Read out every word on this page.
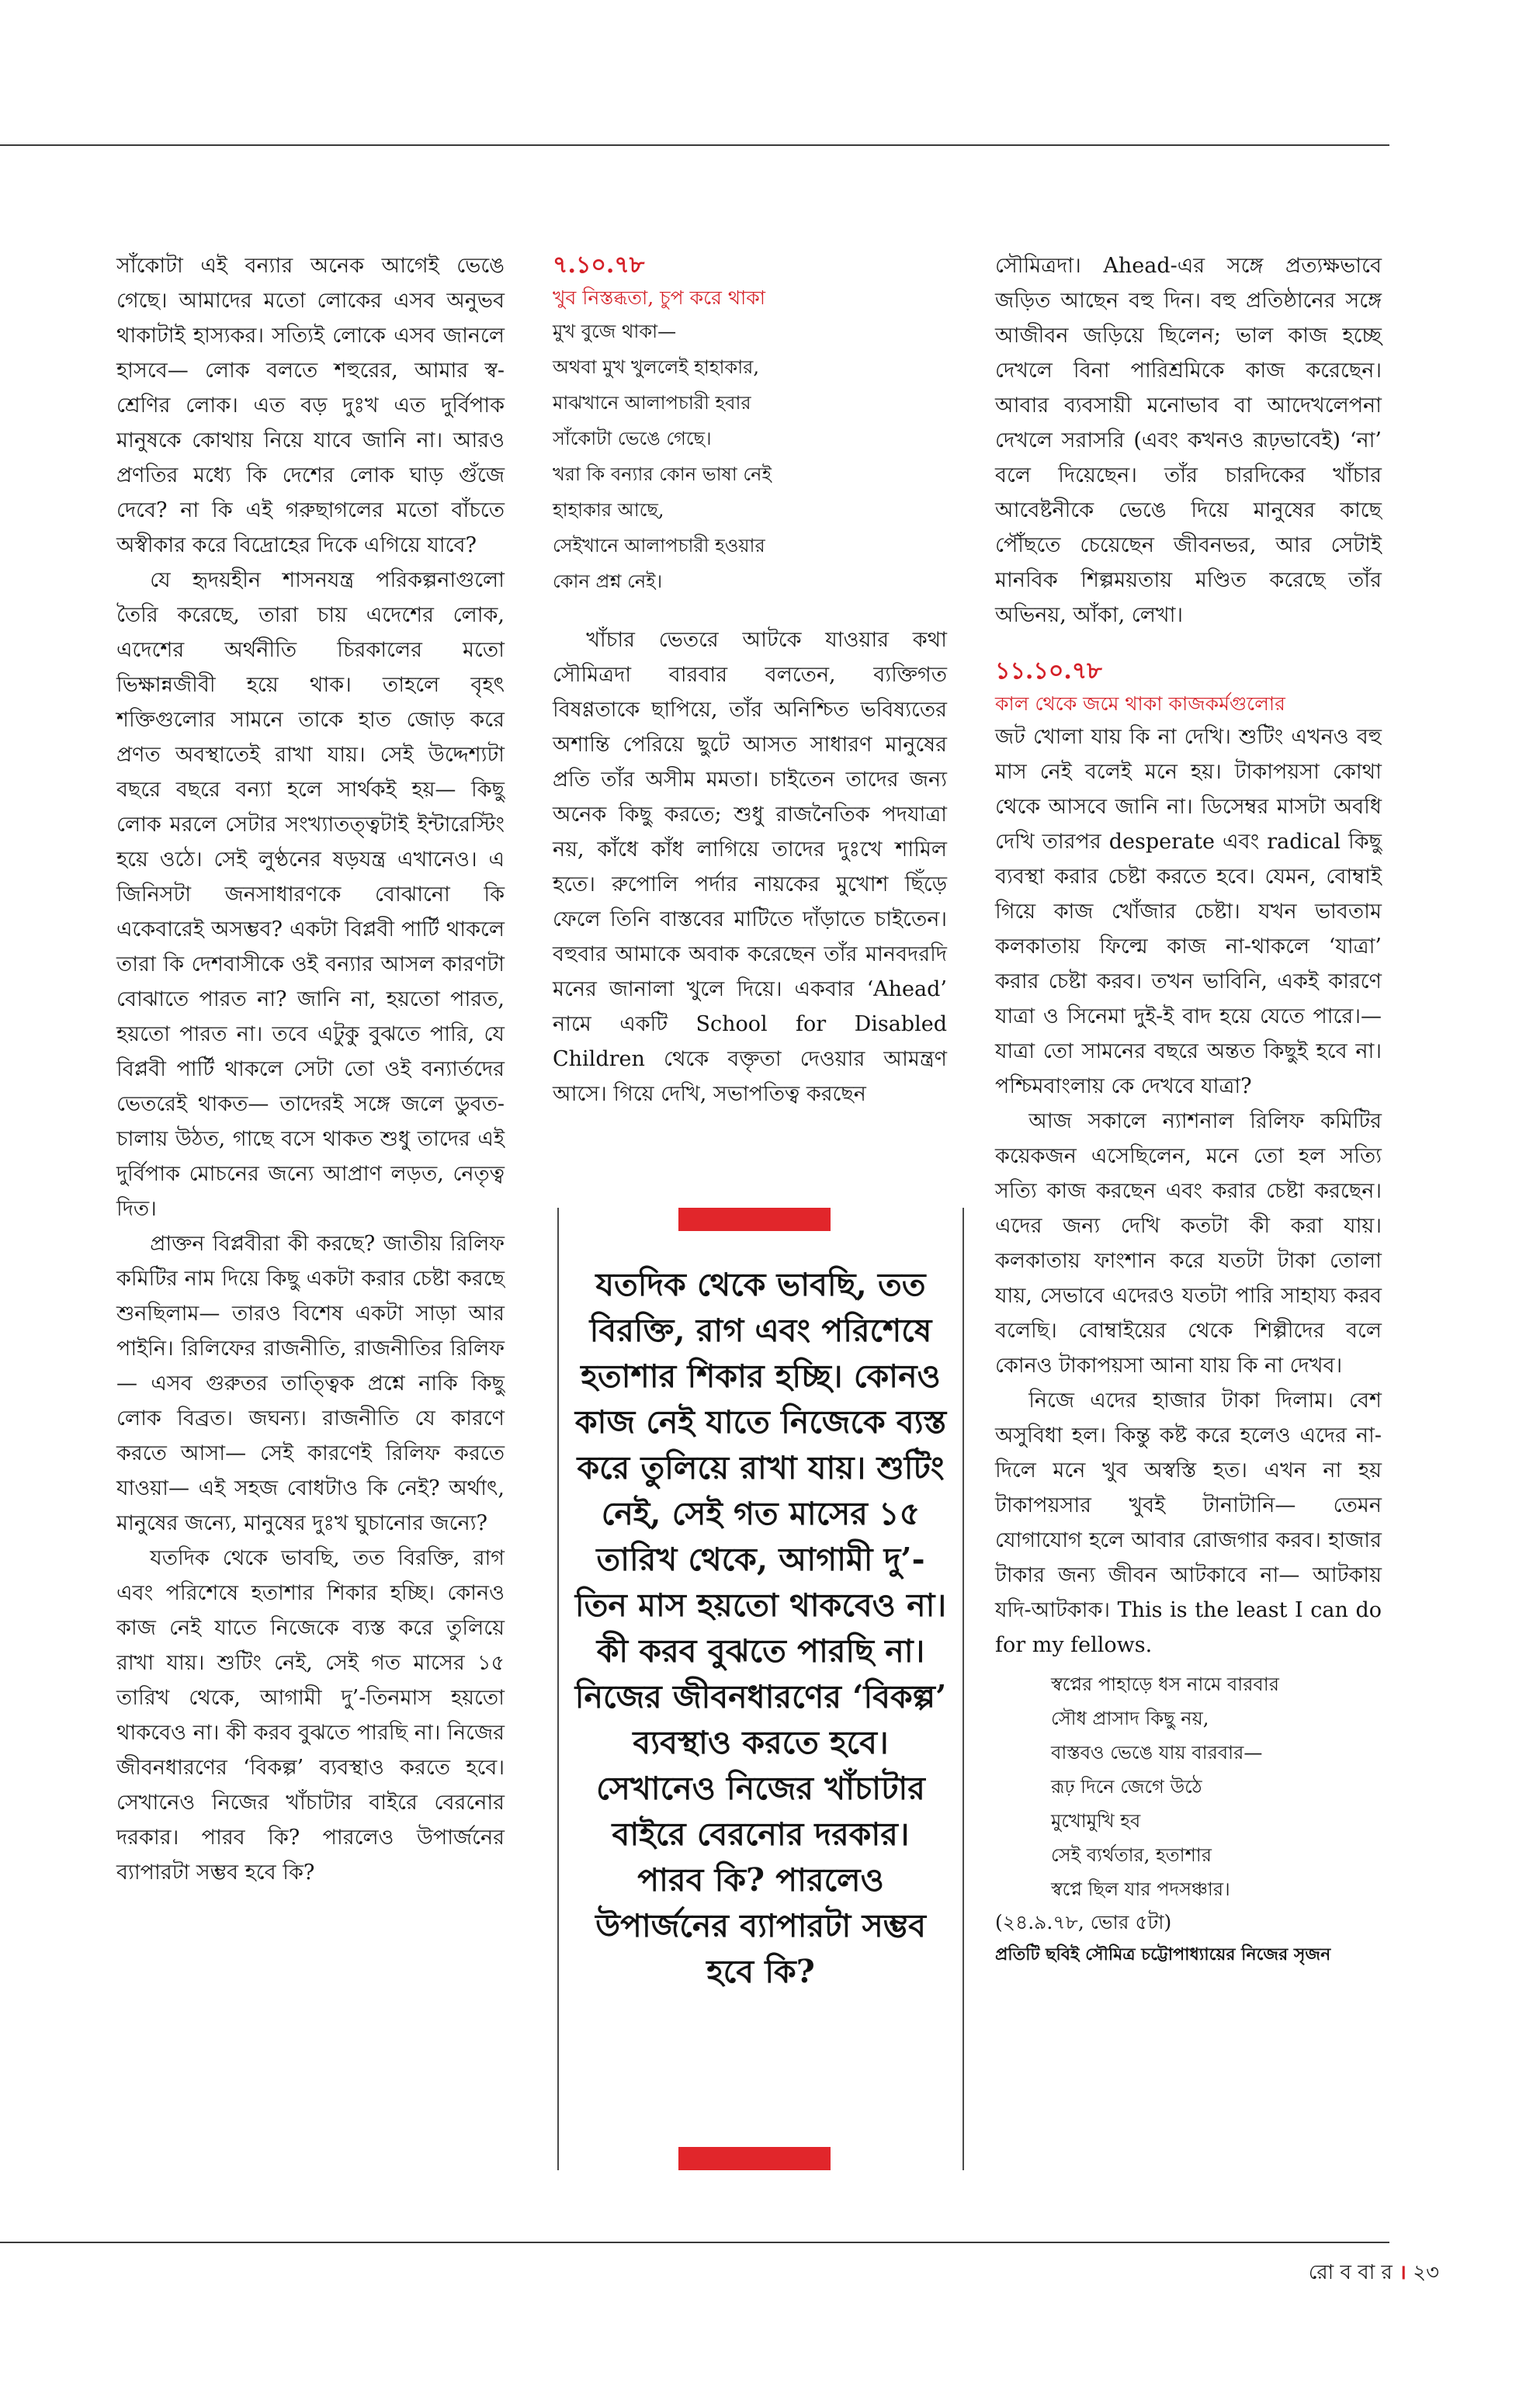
সাঁকোটা এই বন্যার অনেক আগেই ভেঙে গেছে। আমাদের মতো লোকের এসব অনুভব থাকাটাই হাস্যকর। সত্যিই লোকে এসব জানলে হাসবে— লোক বলতে শহুরের, আমার স্ব-শ্রেণির লোক। এত বড় দুঃখ এত দুর্বিপাক মানুষকে কোথায় নিয়ে যাবে জানি না। আরও প্রণতির মধ্যে কি দেশের লোক ঘাড় গুঁজে দেবে? না কি এই গরুছাগলের মতো বাঁচতে অস্বীকার করে বিদ্রোহের দিকে এগিয়ে যাবে?

যে হৃদয়হীন শাসনযন্ত্র পরিকল্পনাগুলো তৈরি করেছে, তারা চায় এদেশের লোক, এদেশের অর্থনীতি চিরকালের মতো ভিক্ষান্নজীবী হয়ে থাক। তাহলে বৃহৎ শক্তিগুলোর সামনে তাকে হাত জোড় করে প্রণত অবস্থাতেই রাখা যায়। সেই উদ্দেশ্যটা বছরে বছরে বন্যা হলে সার্থকই হয়— কিছু লোক মরলে সেটার সংখ্যাতত্ত্বটাই ইন্টারেস্টিং হয়ে ওঠে। সেই লুণ্ঠনের ষড়যন্ত্র এখানেও। এ জিনিসটা জনসাধারণকে বোঝানো কি একেবারেই অসম্ভব? একটা বিপ্লবী পার্টি থাকলে তারা কি দেশবাসীকে ওই বন্যার আসল কারণটা বোঝাতে পারত না? জানি না, হয়তো পারত, হয়তো পারত না। তবে এটুকু বুঝতে পারি, যে বিপ্লবী পার্টি থাকলে সেটা তো ওই বন্যার্তদের ভেতরেই থাকত— তাদেরই সঙ্গে জলে ডুবত-চালায় উঠত, গাছে বসে থাকত শুধু তাদের এই দুর্বিপাক মোচনের জন্যে আপ্রাণ লড়ত, নেতৃত্ব দিত।

প্রাক্তন বিপ্লবীরা কী করছে? জাতীয় রিলিফ কমিটির নাম দিয়ে কিছু একটা করার চেষ্টা করছে শুনছিলাম— তারও বিশেষ একটা সাড়া আর পাইনি। রিলিফের রাজনীতি, রাজনীতির রিলিফ— এসব গুরুতর তাত্ত্বিক প্রশ্নে নাকি কিছু লোক বিব্রত। জঘন্য। রাজনীতি যে কারণে করতে আসা— সেই কারণেই রিলিফ করতে যাওয়া— এই সহজ বোধটাও কি নেই? অর্থাৎ, মানুষের জন্যে, মানুষের দুঃখ ঘুচানোর জন্যে?

যতদিক থেকে ভাবছি, তত বিরক্তি, রাগ এবং পরিশেষে হতাশার শিকার হচ্ছি। কোনও কাজ নেই যাতে নিজেকে ব্যস্ত করে তুলিয়ে রাখা যায়। শুটিং নেই, সেই গত মাসের ১৫ তারিখ থেকে, আগামী দু’-তিনমাস হয়তো থাকবেও না। কী করব বুঝতে পারছি না। নিজের জীবনধারণের ‘বিকল্প’ ব্যবস্থাও করতে হবে। সেখানেও নিজের খাঁচাটার বাইরে বেরনোর দরকার। পারব কি? পারলেও উপার্জনের ব্যাপারটা সম্ভব হবে কি?

৭.১০.৭৮

খুব নিস্তব্ধতা, চুপ করে থাকা

মুখ বুজে থাকা—
অথবা মুখ খুললেই হাহাকার,
মাঝখানে আলাপচারী হবার
সাঁকোটা ভেঙে গেছে।
খরা কি বন্যার কোন ভাষা নেই
হাহাকার আছে,
সেইখানে আলাপচারী হওয়ার
কোন প্রশ্ন নেই।

খাঁচার ভেতরে আটকে যাওয়ার কথা সৌমিত্রদা বারবার বলতেন, ব্যক্তিগত বিষণ্ণতাকে ছাপিয়ে, তাঁর অনিশ্চিত ভবিষ্যতের অশান্তি পেরিয়ে ছুটে আসত সাধারণ মানুষের প্রতি তাঁর অসীম মমতা। চাইতেন তাদের জন্য অনেক কিছু করতে; শুধু রাজনৈতিক পদযাত্রা নয়, কাঁধে কাঁধ লাগিয়ে তাদের দুঃখে শামিল হতে। রুপোলি পর্দার নায়কের মুখোশ ছিঁড়ে ফেলে তিনি বাস্তবের মাটিতে দাঁড়াতে চাইতেন। বহুবার আমাকে অবাক করেছেন তাঁর মানবদরদি মনের জানালা খুলে দিয়ে। একবার ‘Ahead’ নামে একটি School for Disabled Children থেকে বক্তৃতা দেওয়ার আমন্ত্রণ আসে। গিয়ে দেখি, সভাপতিত্ব করছেন

যতদিক থেকে ভাবছি, তত বিরক্তি, রাগ এবং পরিশেষে হতাশার শিকার হচ্ছি। কোনও কাজ নেই যাতে নিজেকে ব্যস্ত করে তুলিয়ে রাখা যায়। শুটিং নেই, সেই গত মাসের ১৫ তারিখ থেকে, আগামী দু’-তিন মাস হয়তো থাকবেও না। কী করব বুঝতে পারছি না। নিজের জীবনধারণের ‘বিকল্প’ ব্যবস্থাও করতে হবে। সেখানেও নিজের খাঁচাটার বাইরে বেরনোর দরকার। পারব কি? পারলেও উপার্জনের ব্যাপারটা সম্ভব হবে কি?

সৌমিত্রদা। Ahead-এর সঙ্গে প্রত্যক্ষভাবে জড়িত আছেন বহু দিন। বহু প্রতিষ্ঠানের সঙ্গে আজীবন জড়িয়ে ছিলেন; ভাল কাজ হচ্ছে দেখলে বিনা পারিশ্রমিকে কাজ করেছেন। আবার ব্যবসায়ী মনোভাব বা আদেখলেপনা দেখলে সরাসরি (এবং কখনও রূঢ়ভাবেই) ‘না’ বলে দিয়েছেন। তাঁর চারদিকের খাঁচার আবেষ্টনীকে ভেঙে দিয়ে মানুষের কাছে পৌঁছতে চেয়েছেন জীবনভর, আর সেটাই মানবিক শিল্পময়তায় মণ্ডিত করেছে তাঁর অভিনয়, আঁকা, লেখা।

১১.১০.৭৮

কাল থেকে জমে থাকা কাজকর্মগুলোর

জট খোলা যায় কি না দেখি। শুটিং এখনও বহু মাস নেই বলেই মনে হয়। টাকাপয়সা কোথা থেকে আসবে জানি না। ডিসেম্বর মাসটা অবধি দেখি তারপর desperate এবং radical কিছু ব্যবস্থা করার চেষ্টা করতে হবে। যেমন, বোম্বাই গিয়ে কাজ খোঁজার চেষ্টা। যখন ভাবতাম কলকাতায় ফিল্মে কাজ না-থাকলে ‘যাত্রা’ করার চেষ্টা করব। তখন ভাবিনি, একই কারণে যাত্রা ও সিনেমা দুই-ই বাদ হয়ে যেতে পারে।— যাত্রা তো সামনের বছরে অন্তত কিছুই হবে না। পশ্চিমবাংলায় কে দেখবে যাত্রা?

আজ সকালে ন্যাশনাল রিলিফ কমিটির কয়েকজন এসেছিলেন, মনে তো হল সত্যি সত্যি কাজ করছেন এবং করার চেষ্টা করছেন। এদের জন্য দেখি কতটা কী করা যায়। কলকাতায় ফাংশান করে যতটা টাকা তোলা যায়, সেভাবে এদেরও যতটা পারি সাহায্য করব বলেছি। বোম্বাইয়ের থেকে শিল্পীদের বলে কোনও টাকাপয়সা আনা যায় কি না দেখব।

নিজে এদের হাজার টাকা দিলাম। বেশ অসুবিধা হল। কিন্তু কষ্ট করে হলেও এদের না-দিলে মনে খুব অস্বস্তি হত। এখন না হয় টাকাপয়সার খুবই টানাটানি— তেমন যোগাযোগ হলে আবার রোজগার করব। হাজার টাকার জন্য জীবন আটকাবে না— আটকায় যদি-আটকাক। This is the least I can do for my fellows.

স্বপ্নের পাহাড়ে ধস নামে বারবার
সৌধ প্রাসাদ কিছু নয়,
বাস্তবও ভেঙে যায় বারবার—
রূঢ় দিনে জেগে উঠে
মুখোমুখি হব
সেই ব্যর্থতার, হতাশার
স্বপ্নে ছিল যার পদসঞ্চার।

(২৪.৯.৭৮, ভোর ৫টা)

প্রতিটি ছবিই সৌমিত্র চট্টোপাধ্যায়ের নিজের সৃজন

রো ব বা র । ২৩
